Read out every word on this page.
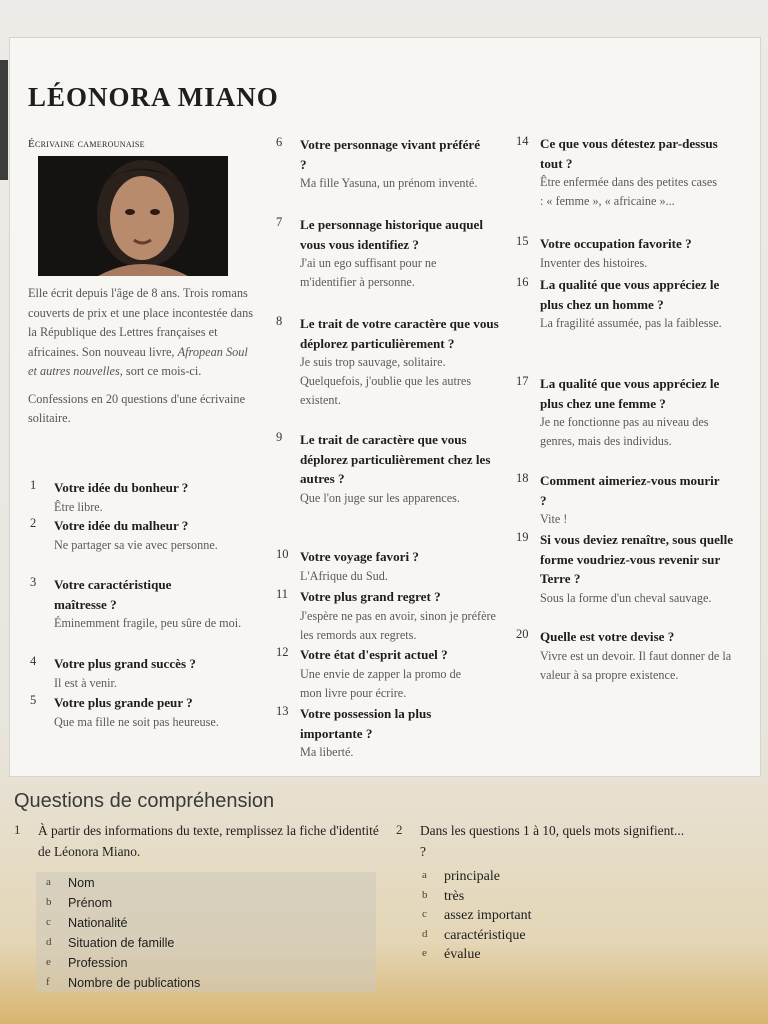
LÉONORA MIANO
Écrivaine camerounaise

Elle écrit depuis l'âge de 8 ans. Trois romans couverts de prix et une place incontestée dans la République des Lettres françaises et africaines. Son nouveau livre, Afropean Soul et autres nouvelles, sort ce mois-ci.

Confessions en 20 questions d'une écrivaine solitaire.

1 Votre idée du bonheur ?
Être libre.
2 Votre idée du malheur ?
Ne partager sa vie avec personne.
3 Votre caractéristique maîtresse ?
Éminemment fragile, peu sûre de moi.
4 Votre plus grand succès ?
Il est à venir.
5 Votre plus grande peur ?
Que ma fille ne soit pas heureuse.
6 Votre personnage vivant préféré ?
Ma fille Yasuna, un prénom inventé.
7 Le personnage historique auquel vous vous identifiez ?
J'ai un ego suffisant pour ne m'identifier à personne.
8 Le trait de votre caractère que vous déplorez particulièrement ?
Je suis trop sauvage, solitaire. Quelquefois, j'oublie que les autres existent.
9 Le trait de caractère que vous déplorez particulièrement chez les autres ?
Que l'on juge sur les apparences.
10 Votre voyage favori ?
L'Afrique du Sud.
11 Votre plus grand regret ?
J'espère ne pas en avoir, sinon je préfère les remords aux regrets.
12 Votre état d'esprit actuel ?
Une envie de zapper la promo de mon livre pour écrire.
13 Votre possession la plus importante ?
Ma liberté.
14 Ce que vous détestez par-dessus tout ?
Être enfermée dans des petites cases : « femme », « africaine »...
15 Votre occupation favorite ?
Inventer des histoires.
16 La qualité que vous appréciez le plus chez un homme ?
La fragilité assumée, pas la faiblesse.
17 La qualité que vous appréciez le plus chez une femme ?
Je ne fonctionne pas au niveau des genres, mais des individus.
18 Comment aimeriez-vous mourir ?
Vite !
19 Si vous deviez renaître, sous quelle forme voudriez-vous revenir sur Terre ?
Sous la forme d'un cheval sauvage.
20 Quelle est votre devise ?
Vivre est un devoir. Il faut donner de la valeur à sa propre existence.
Questions de compréhension
1 À partir des informations du texte, remplissez la fiche d'identité de Léonora Miano.
2 Dans les questions 1 à 10, quels mots signifient... ?
a Nom
b Prénom
c Nationalité
d Situation de famille
e Profession
f Nombre de publications
a principale
b très
c assez important
d caractéristique
e évalue
